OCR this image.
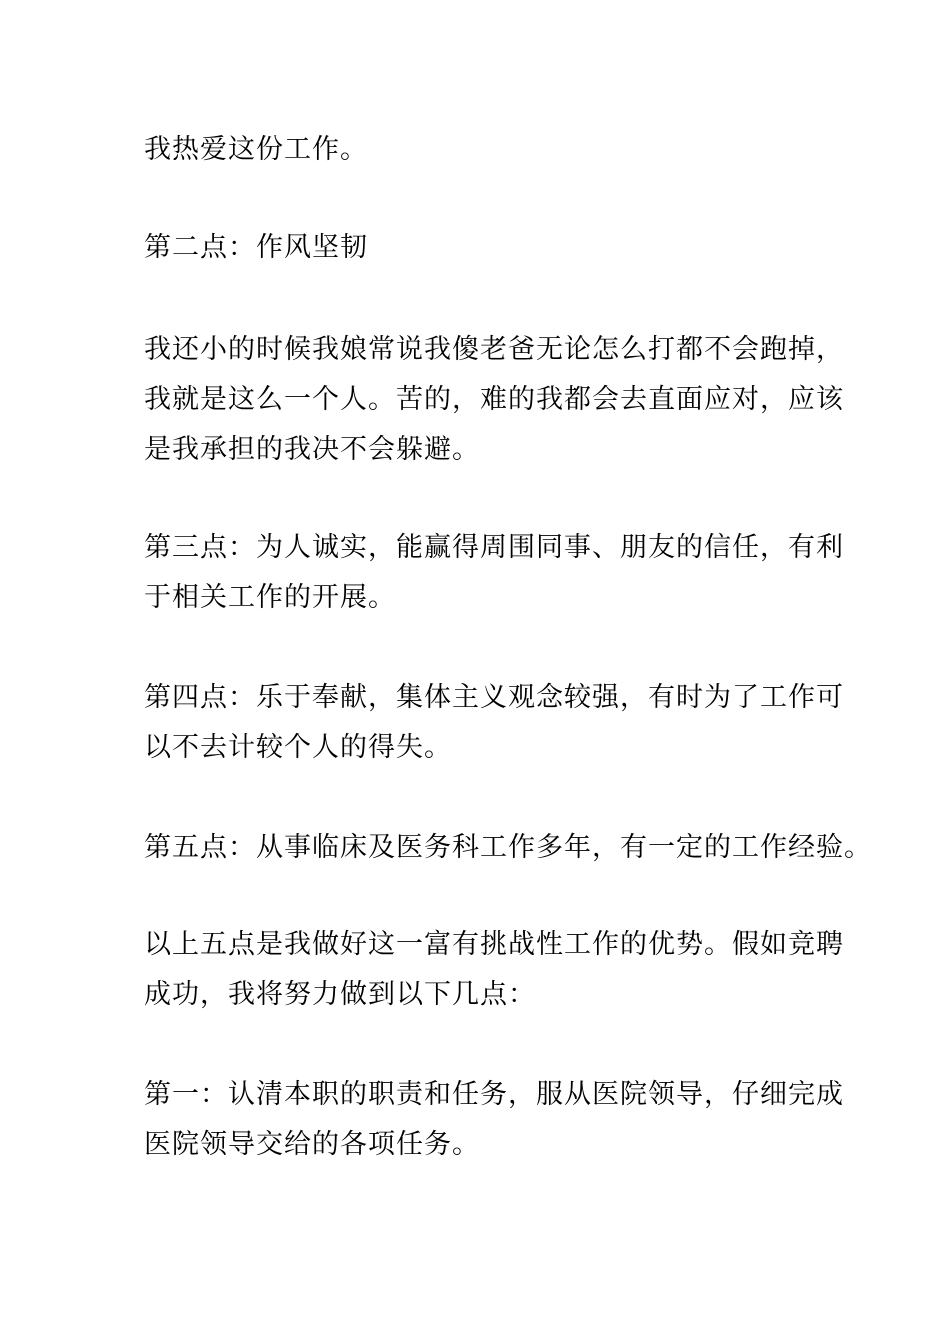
我热爱这份工作。

第二点：作风坚韧

我还小的时候我娘常说我傻老爸无论怎么打都不会跑掉，
我就是这么一个人。苦的，难的我都会去直面应对，应该
是我承担的我决不会躲避。

第三点：为人诚实，能赢得周围同事、朋友的信任，有利
于相关工作的开展。

第四点：乐于奉献，集体主义观念较强，有时为了工作可
以不去计较个人的得失。

第五点：从事临床及医务科工作多年，有一定的工作经验。

以上五点是我做好这一富有挑战性工作的优势。假如竞聘
成功，我将努力做到以下几点：

第一：认清本职的职责和任务，服从医院领导，仔细完成
医院领导交给的各项任务。
